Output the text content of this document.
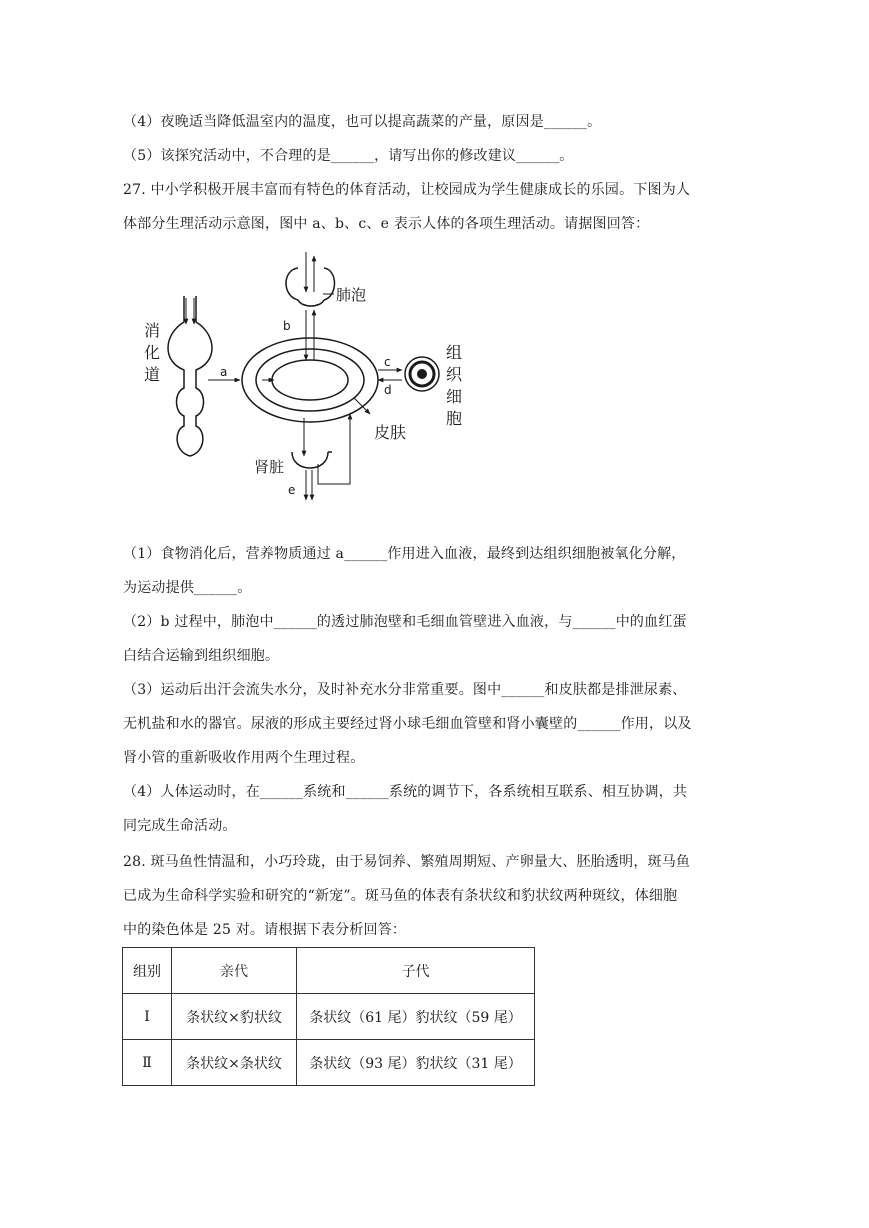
（4）夜晚适当降低温室内的温度，也可以提高蔬菜的产量，原因是______。
（5）该探究活动中，不合理的是______，请写出你的修改建议______。
27. 中小学积极开展丰富而有特色的体育活动，让校园成为学生健康成长的乐园。下图为人
体部分生理活动示意图，图中 a、b、c、e 表示人体的各项生理活动。请据图回答：
消
化
道	a
肺泡
b
c
d
组
织
细
胞
皮肤
肾脏
e
（1）食物消化后，营养物质通过 a______作用进入血液，最终到达组织细胞被氧化分解，
为运动提供______。
（2）b 过程中，肺泡中______的透过肺泡壁和毛细血管壁进入血液，与______中的血红蛋
白结合运输到组织细胞。
（3）运动后出汗会流失水分，及时补充水分非常重要。图中______和皮肤都是排泄尿素、
无机盐和水的器官。尿液的形成主要经过肾小球毛细血管壁和肾小囊壁的______作用，以及
肾小管的重新吸收作用两个生理过程。
（4）人体运动时，在______系统和______系统的调节下，各系统相互联系、相互协调，共
同完成生命活动。
28. 斑马鱼性情温和，小巧玲珑，由于易饲养、繁殖周期短、产卵量大、胚胎透明，斑马鱼
已成为生命科学实验和研究的“新宠”。斑马鱼的体表有条状纹和豹状纹两种斑纹，体细胞
中的染色体是 25 对。请根据下表分析回答：
组别	亲代	子代
Ⅰ	条状纹×豹状纹	条状纹（61 尾）豹状纹（59 尾）
Ⅱ	条状纹×条状纹	条状纹（93 尾）豹状纹（31 尾）
